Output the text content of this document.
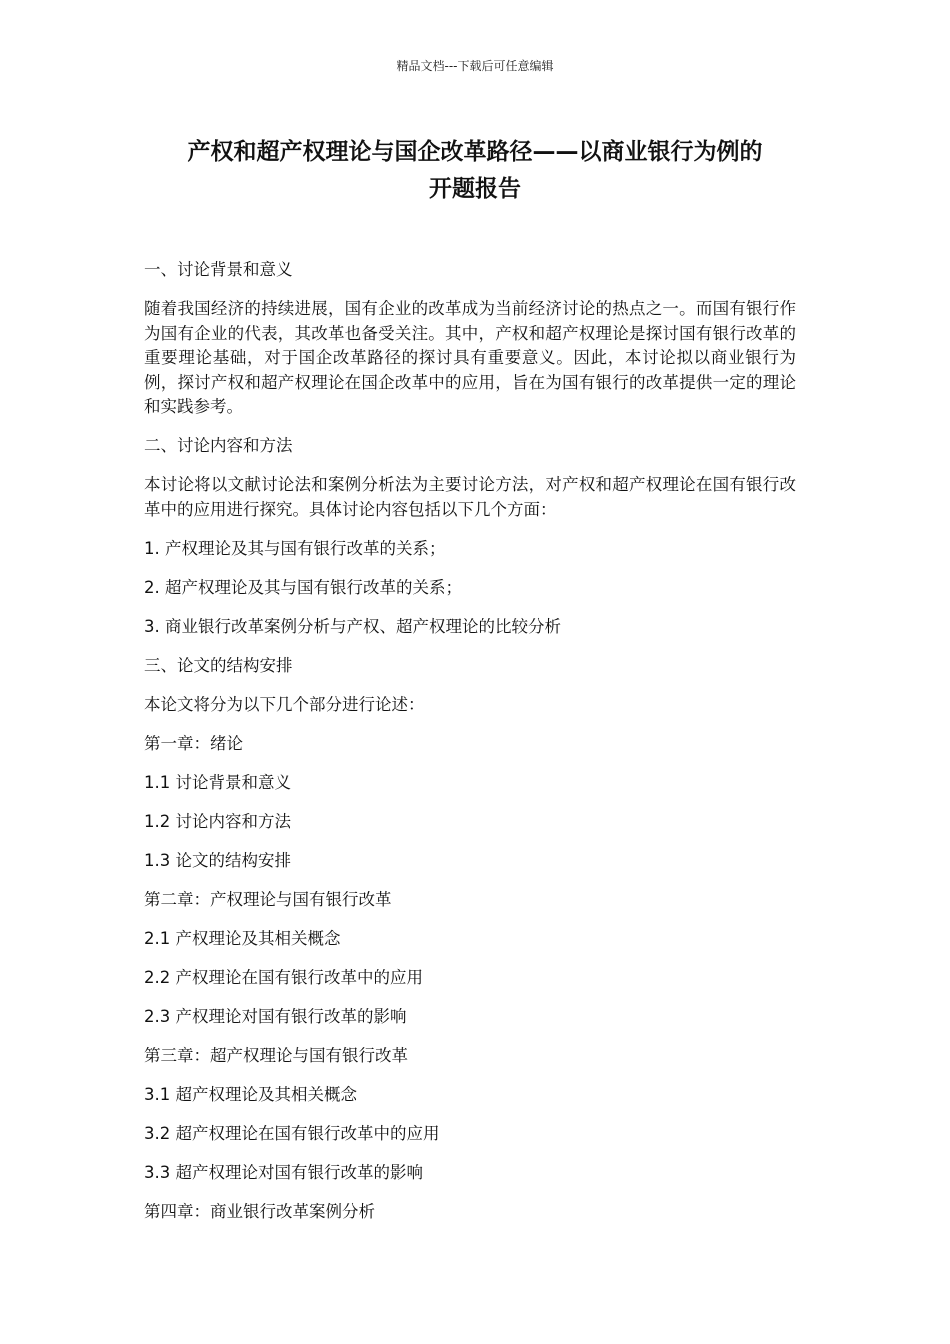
精品文档---下载后可任意编辑
产权和超产权理论与国企改革路径——以商业银行为例的
开题报告

一、讨论背景和意义

随着我国经济的持续进展，国有企业的改革成为当前经济讨论的热点之一。而国有银行作为国有企业的代表，其改革也备受关注。其中，产权和超产权理论是探讨国有银行改革的重要理论基础，对于国企改革路径的探讨具有重要意义。因此，本讨论拟以商业银行为例，探讨产权和超产权理论在国企改革中的应用，旨在为国有银行的改革提供一定的理论和实践参考。

二、讨论内容和方法

本讨论将以文献讨论法和案例分析法为主要讨论方法，对产权和超产权理论在国有银行改革中的应用进行探究。具体讨论内容包括以下几个方面：

1. 产权理论及其与国有银行改革的关系；

2. 超产权理论及其与国有银行改革的关系；

3. 商业银行改革案例分析与产权、超产权理论的比较分析

三、论文的结构安排

本论文将分为以下几个部分进行论述：

第一章：绪论

1.1 讨论背景和意义

1.2 讨论内容和方法

1.3 论文的结构安排

第二章：产权理论与国有银行改革

2.1 产权理论及其相关概念

2.2 产权理论在国有银行改革中的应用

2.3 产权理论对国有银行改革的影响

第三章：超产权理论与国有银行改革

3.1 超产权理论及其相关概念

3.2 超产权理论在国有银行改革中的应用

3.3 超产权理论对国有银行改革的影响

第四章：商业银行改革案例分析
